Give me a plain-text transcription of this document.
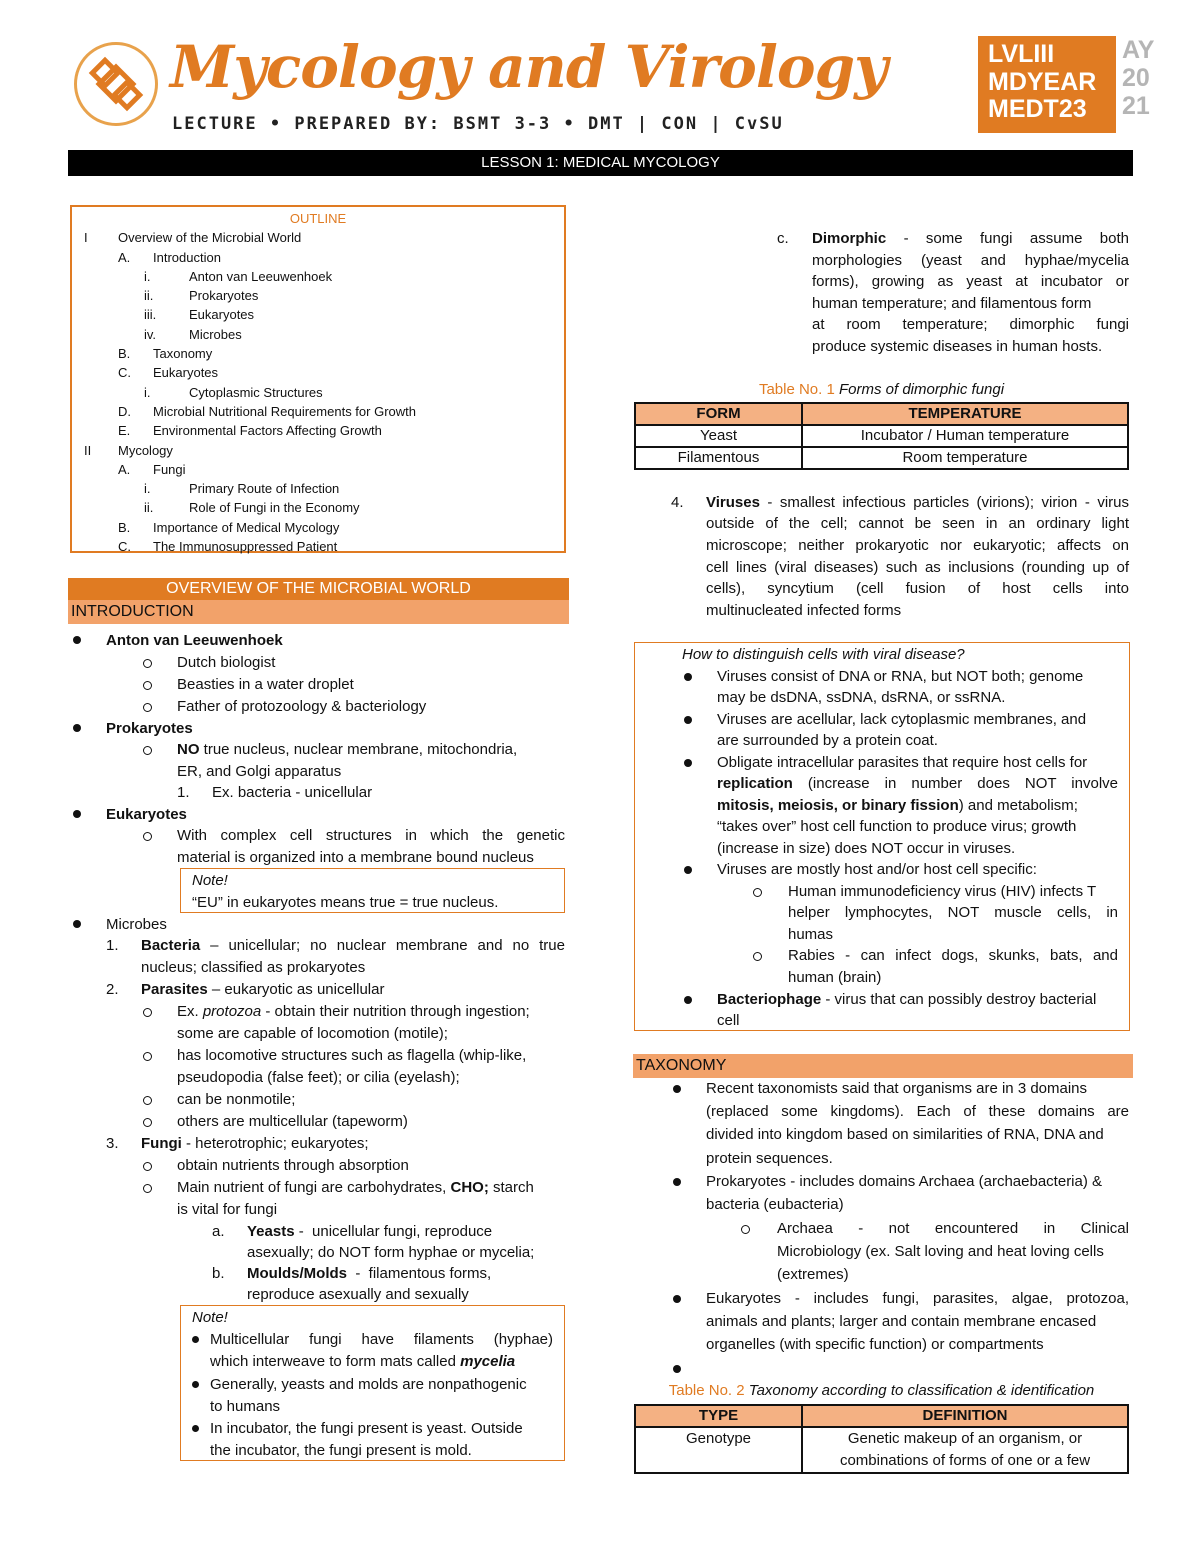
Mycology and Virology
LECTURE • PREPARED BY: BSMT 3-3 • DMT | CON | CvSU
LVLIII
MDYEAR
MEDT23
AY
20
21
LESSON 1: MEDICAL MYCOLOGY
OUTLINE
I Overview of the Microbial World
A. Introduction
i.	Anton van Leeuwenhoek
ii.	Prokaryotes
iii.	Eukaryotes
iv.	Microbes
B. Taxonomy
C. Eukaryotes
i.	Cytoplasmic Structures
D. Microbial Nutritional Requirements for Growth
E. Environmental Factors Affecting Growth
II Mycology
A. Fungi
i.	Primary Route of Infection
ii.	Role of Fungi in the Economy
B. Importance of Medical Mycology
C. The Immunosuppressed Patient
OVERVIEW OF THE MICROBIAL WORLD
INTRODUCTION
Anton van Leeuwenhoek
Dutch biologist
Beasties in a water droplet
Father of protozoology & bacteriology
Prokaryotes
NO true nucleus, nuclear membrane, mitochondria,
ER, and Golgi apparatus
1. Ex. bacteria - unicellular
Eukaryotes
With complex cell structures in which the genetic
material is organized into a membrane bound nucleus
Note!
“EU” in eukaryotes means true = true nucleus.
Microbes
1. Bacteria – unicellular; no nuclear membrane and no true
nucleus; classified as prokaryotes
2. Parasites – eukaryotic as unicellular
Ex. protozoa - obtain their nutrition through ingestion;
some are capable of locomotion (motile);
has locomotive structures such as flagella (whip-like,
pseudopodia (false feet); or cilia (eyelash);
can be nonmotile;
others are multicellular (tapeworm)
3. Fungi - heterotrophic; eukaryotes;
obtain nutrients through absorption
Main nutrient of fungi are carbohydrates, CHO; starch
is vital for fungi
a. Yeasts -  unicellular fungi, reproduce
asexually; do NOT form hyphae or mycelia;
b. Moulds/Molds  -  filamentous forms,
reproduce asexually and sexually
Note!
Multicellular fungi have filaments (hyphae)
which interweave to form mats called mycelia
Generally, yeasts and molds are nonpathogenic
to humans
In incubator, the fungi present is yeast. Outside
the incubator, the fungi present is mold.
c. Dimorphic - some fungi assume both
morphologies (yeast and hyphae/mycelia
forms), growing as yeast at incubator or
human temperature; and filamentous form
at room temperature; dimorphic fungi
produce systemic diseases in human hosts.
Table No. 1 Forms of dimorphic fungi
FORM	TEMPERATURE
Yeast	Incubator / Human temperature
Filamentous	Room temperature
4. Viruses - smallest infectious particles (virions); virion - virus
outside of the cell; cannot be seen in an ordinary light
microscope; neither prokaryotic nor eukaryotic; affects on
cell lines (viral diseases) such as inclusions (rounding up of
cells),   syncytium   (cell   fusion   of   host   cells   into
multinucleated infected forms
How to distinguish cells with viral disease?
Viruses consist of DNA or RNA, but NOT both; genome
may be dsDNA, ssDNA, dsRNA, or ssRNA.
Viruses are acellular, lack cytoplasmic membranes, and
are surrounded by a protein coat.
Obligate intracellular parasites that require host cells for
replication (increase in number does NOT involve
mitosis, meiosis, or binary fission) and metabolism;
“takes over” host cell function to produce virus; growth
(increase in size) does NOT occur in viruses.
Viruses are mostly host and/or host cell specific:
Human immunodeficiency virus (HIV) infects T
helper lymphocytes, NOT muscle cells, in
humas
Rabies - can infect dogs, skunks, bats, and
human (brain)
Bacteriophage - virus that can possibly destroy bacterial
cell
TAXONOMY
Recent taxonomists said that organisms are in 3 domains
(replaced some kingdoms). Each of these domains are
divided into kingdom based on similarities of RNA, DNA and
protein sequences.
Prokaryotes - includes domains Archaea (archaebacteria) &
bacteria (eubacteria)
Archaea  -  not  encountered  in  Clinical
Microbiology (ex. Salt loving and heat loving cells
(extremes)
Eukaryotes - includes fungi, parasites, algae, protozoa,
animals and plants; larger and contain membrane encased
organelles (with specific function) or compartments
Table No. 2 Taxonomy according to classification & identification
TYPE	DEFINITION
Genotype	Genetic makeup of an organism, or combinations of forms of one or a few
